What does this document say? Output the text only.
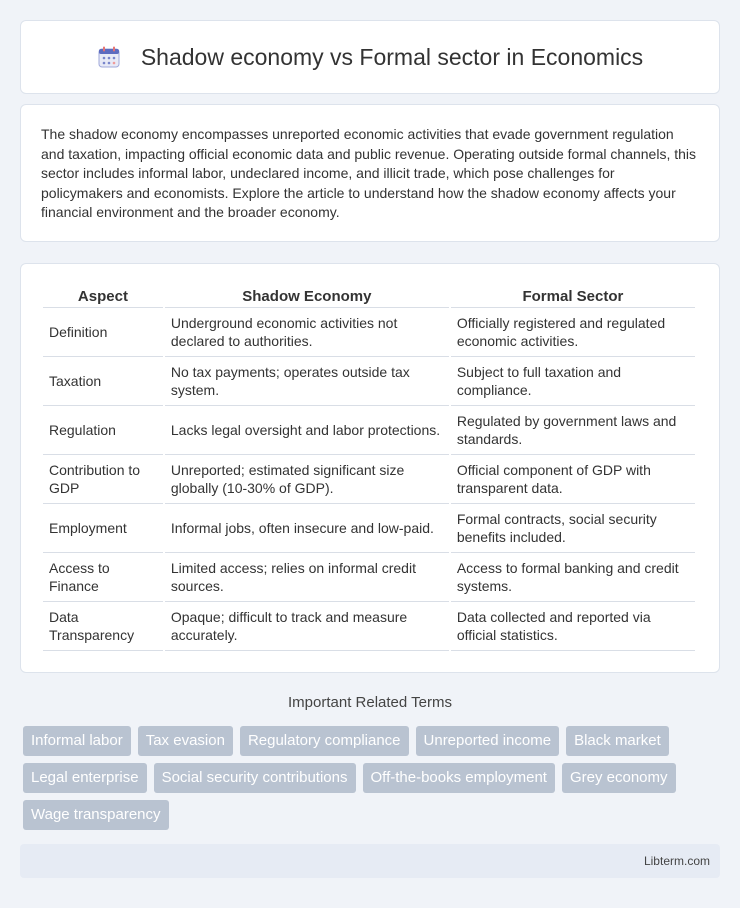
Shadow economy vs Formal sector in Economics

The shadow economy encompasses unreported economic activities that evade government regulation and taxation, impacting official economic data and public revenue. Operating outside formal channels, this sector includes informal labor, undeclared income, and illicit trade, which pose challenges for policymakers and economists. Explore the article to understand how the shadow economy affects your financial environment and the broader economy.

Aspect	Shadow Economy	Formal Sector
Definition	Underground economic activities not declared to authorities.	Officially registered and regulated economic activities.
Taxation	No tax payments; operates outside tax system.	Subject to full taxation and compliance.
Regulation	Lacks legal oversight and labor protections.	Regulated by government laws and standards.
Contribution to GDP	Unreported; estimated significant size globally (10-30% of GDP).	Official component of GDP with transparent data.
Employment	Informal jobs, often insecure and low-paid.	Formal contracts, social security benefits included.
Access to Finance	Limited access; relies on informal credit sources.	Access to formal banking and credit systems.
Data Transparency	Opaque; difficult to track and measure accurately.	Data collected and reported via official statistics.
Important Related Terms
Informal labor	Tax evasion	Regulatory compliance	Unreported income	Black market
Legal enterprise	Social security contributions	Off-the-books employment	Grey economy
Wage transparency
Libterm.com
